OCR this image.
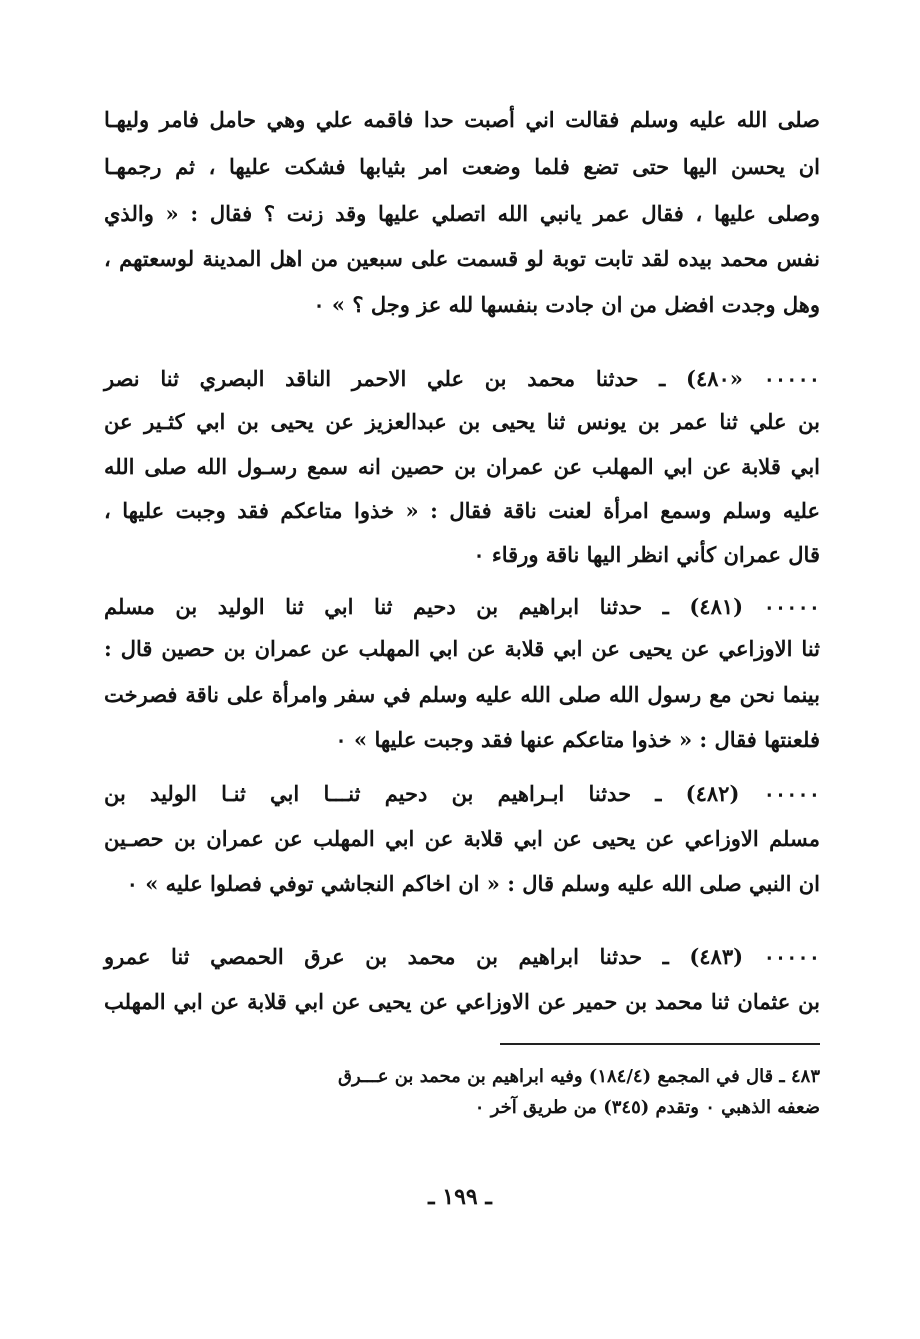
صلى الله عليه وسلم فقالت اني أصبت حدا فاقمه علي وهي حامل فامر وليهـا
ان يحسن اليها حتى تضع فلما وضعت امر بثيابها فشكت عليها ، ثم رجمهـا
وصلى عليها ، فقال عمر يانبي الله اتصلي عليها وقد زنت ؟ فقال : « والذي
نفس محمد بيده لقد تابت توبة لو قسمت على سبعين من اهل المدينة لوسعتهم ،
وهل وجدت افضل من ان جادت بنفسها لله عز وجل ؟ » ٠
٠٠٠٠٠ «٤٨٠) ـ حدثنا محمد بن علي الاحمر الناقد البصري ثنا نصر
بن علي ثنا عمر بن يونس ثنا يحيى بن عبدالعزيز عن يحيى بن ابي كثـير عن
ابي قلابة عن ابي المهلب عن عمران بن حصين انه سمع رسـول الله صلى الله
عليه وسلم وسمع امرأة لعنت ناقة فقال : « خذوا متاعكم فقد وجبت عليها ،
قال عمران كأني انظر اليها ناقة ورقاء ٠
٠٠٠٠٠ (٤٨١) ـ حدثنا ابراهيم بن دحيم ثنا ابي ثنا الوليد بن مسلم
ثنا الاوزاعي عن يحيى عن ابي قلابة عن ابي المهلب عن عمران بن حصين قال :
بينما نحن مع رسول الله صلى الله عليه وسلم في سفر وامرأة على ناقة فصرخت
فلعنتها فقال : « خذوا متاعكم عنها فقد وجبت عليها » ٠
٠٠٠٠٠ (٤٨٢) ـ حدثنا ابـراهيم بن دحيم ثنـــا ابي ثنـا الوليد بن
مسلم الاوزاعي عن يحيى عن ابي قلابة عن ابي المهلب عن عمران بن حصـين
ان النبي صلى الله عليه وسلم قال : « ان اخاكم النجاشي توفي فصلوا عليه » ٠
٠٠٠٠٠ (٤٨٣) ـ حدثنا ابراهيم بن محمد بن عرق الحمصي ثنا عمرو
بن عثمان ثنا محمد بن حمير عن الاوزاعي عن يحيى عن ابي قلابة عن ابي المهلب
٤٨٣ ـ قال في المجمع (١٨٤/٤) وفيه ابراهيم بن محمد بن عـــرق
ضعفه الذهبي ٠ وتقدم (٣٤٥) من طريق آخر ٠
ـ ١٩٩ ـ
